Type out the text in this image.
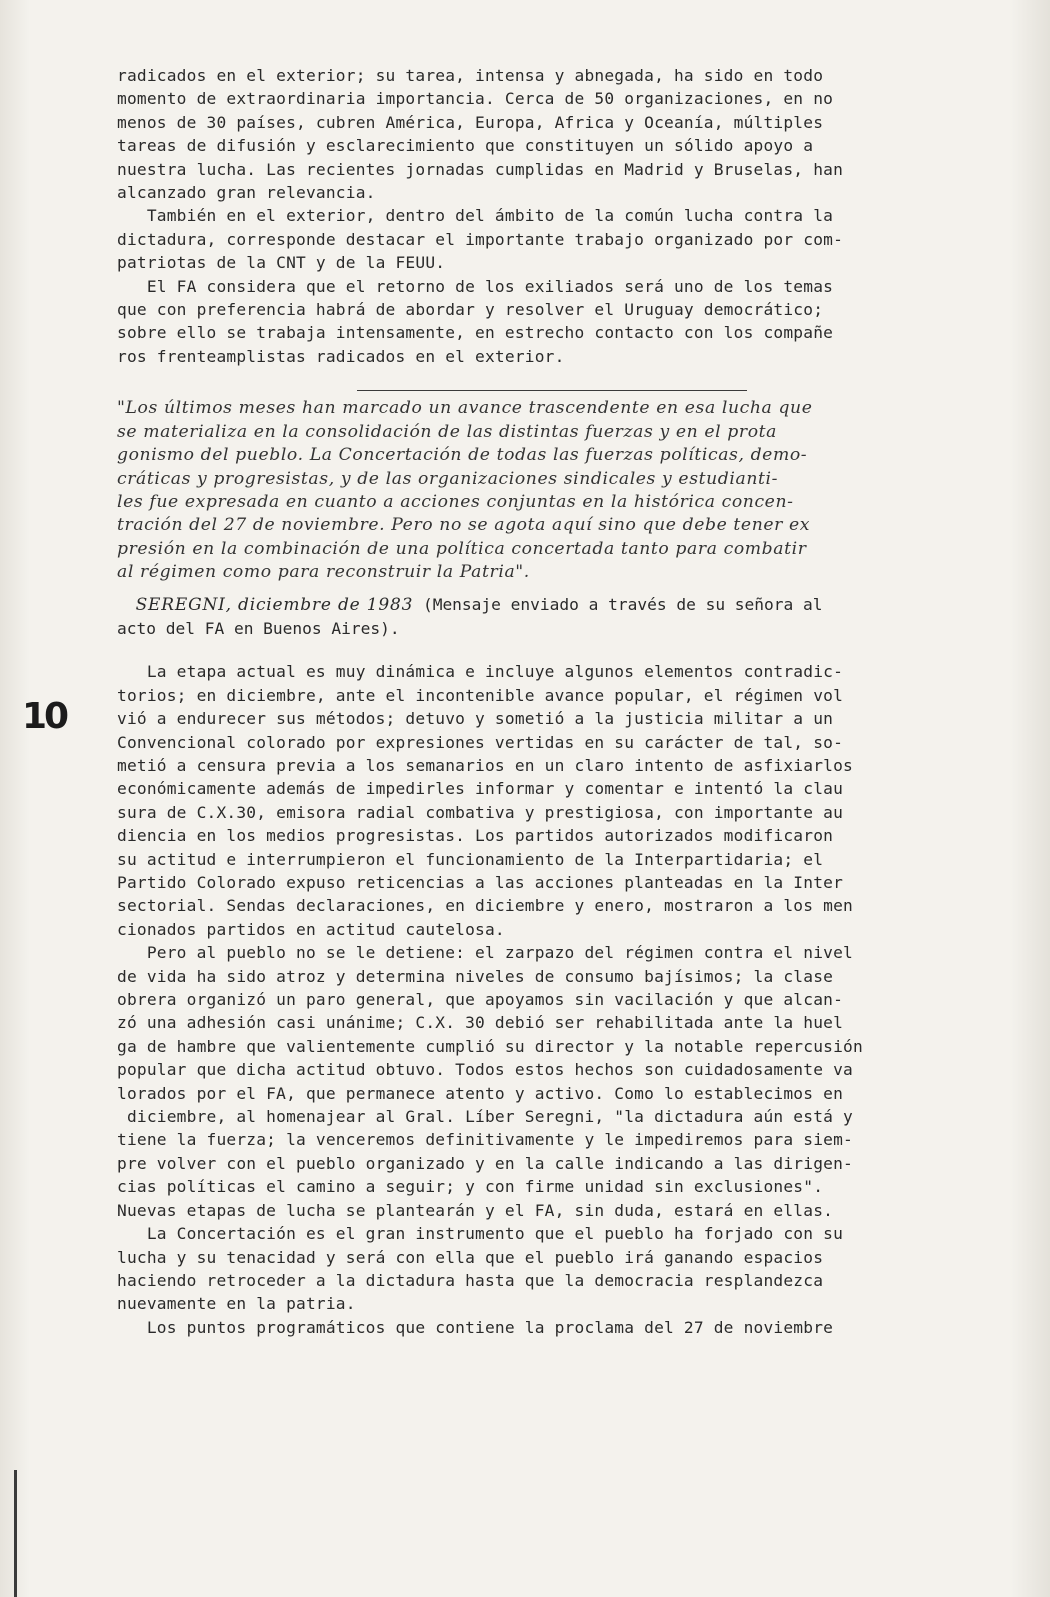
10
radicados en el exterior; su tarea, intensa y abnegada, ha sido en todo
momento de extraordinaria importancia. Cerca de 50 organizaciones, en no
menos de 30 países, cubren América, Europa, Africa y Oceanía, múltiples
tareas de difusión y esclarecimiento que constituyen un sólido apoyo a
nuestra lucha. Las recientes jornadas cumplidas en Madrid y Bruselas, han
alcanzado gran relevancia.
También en el exterior, dentro del ámbito de la común lucha contra la
dictadura, corresponde destacar el importante trabajo organizado por com-
patriotas de la CNT y de la FEUU.
El FA considera que el retorno de los exiliados será uno de los temas
que con preferencia habrá de abordar y resolver el Uruguay democrático;
sobre ello se trabaja intensamente, en estrecho contacto con los compañe
ros frenteamplistas radicados en el exterior.
"Los últimos meses han marcado un avance trascendente en esa lucha que
se materializa en la consolidación de las distintas fuerzas y en el prota
gonismo del pueblo. La Concertación de todas las fuerzas políticas, demo-
cráticas y progresistas, y de las organizaciones sindicales y estudianti-
les fue expresada en cuanto a acciones conjuntas en la histórica concen-
tración del 27 de noviembre. Pero no se agota aquí sino que debe tener ex
presión en la combinación de una política concertada tanto para combatir
al régimen como para reconstruir la Patria".
SEREGNI, diciembre de 1983 (Mensaje enviado a través de su señora al
acto del FA en Buenos Aires).
La etapa actual es muy dinámica e incluye algunos elementos contradic-
torios; en diciembre, ante el incontenible avance popular, el régimen vol
vió a endurecer sus métodos; detuvo y sometió a la justicia militar a un
Convencional colorado por expresiones vertidas en su carácter de tal, so-
metió a censura previa a los semanarios en un claro intento de asfixiarlos
económicamente además de impedirles informar y comentar e intentó la clau
sura de C.X.30, emisora radial combativa y prestigiosa, con importante au
diencia en los medios progresistas. Los partidos autorizados modificaron
su actitud e interrumpieron el funcionamiento de la Interpartidaria; el
Partido Colorado expuso reticencias a las acciones planteadas en la Inter
sectorial. Sendas declaraciones, en diciembre y enero, mostraron a los men
cionados partidos en actitud cautelosa.
Pero al pueblo no se le detiene: el zarpazo del régimen contra el nivel
de vida ha sido atroz y determina niveles de consumo bajísimos; la clase
obrera organizó un paro general, que apoyamos sin vacilación y que alcan-
zó una adhesión casi unánime; C.X. 30 debió ser rehabilitada ante la huel
ga de hambre que valientemente cumplió su director y la notable repercusión
popular que dicha actitud obtuvo. Todos estos hechos son cuidadosamente va
lorados por el FA, que permanece atento y activo. Como lo establecimos en
diciembre, al homenajear al Gral. Líber Seregni, "la dictadura aún está y
tiene la fuerza; la venceremos definitivamente y le impediremos para siem-
pre volver con el pueblo organizado y en la calle indicando a las dirigen-
cias políticas el camino a seguir; y con firme unidad sin exclusiones".
Nuevas etapas de lucha se plantearán y el FA, sin duda, estará en ellas.
La Concertación es el gran instrumento que el pueblo ha forjado con su
lucha y su tenacidad y será con ella que el pueblo irá ganando espacios
haciendo retroceder a la dictadura hasta que la democracia resplandezca
nuevamente en la patria.
Los puntos programáticos que contiene la proclama del 27 de noviembre
